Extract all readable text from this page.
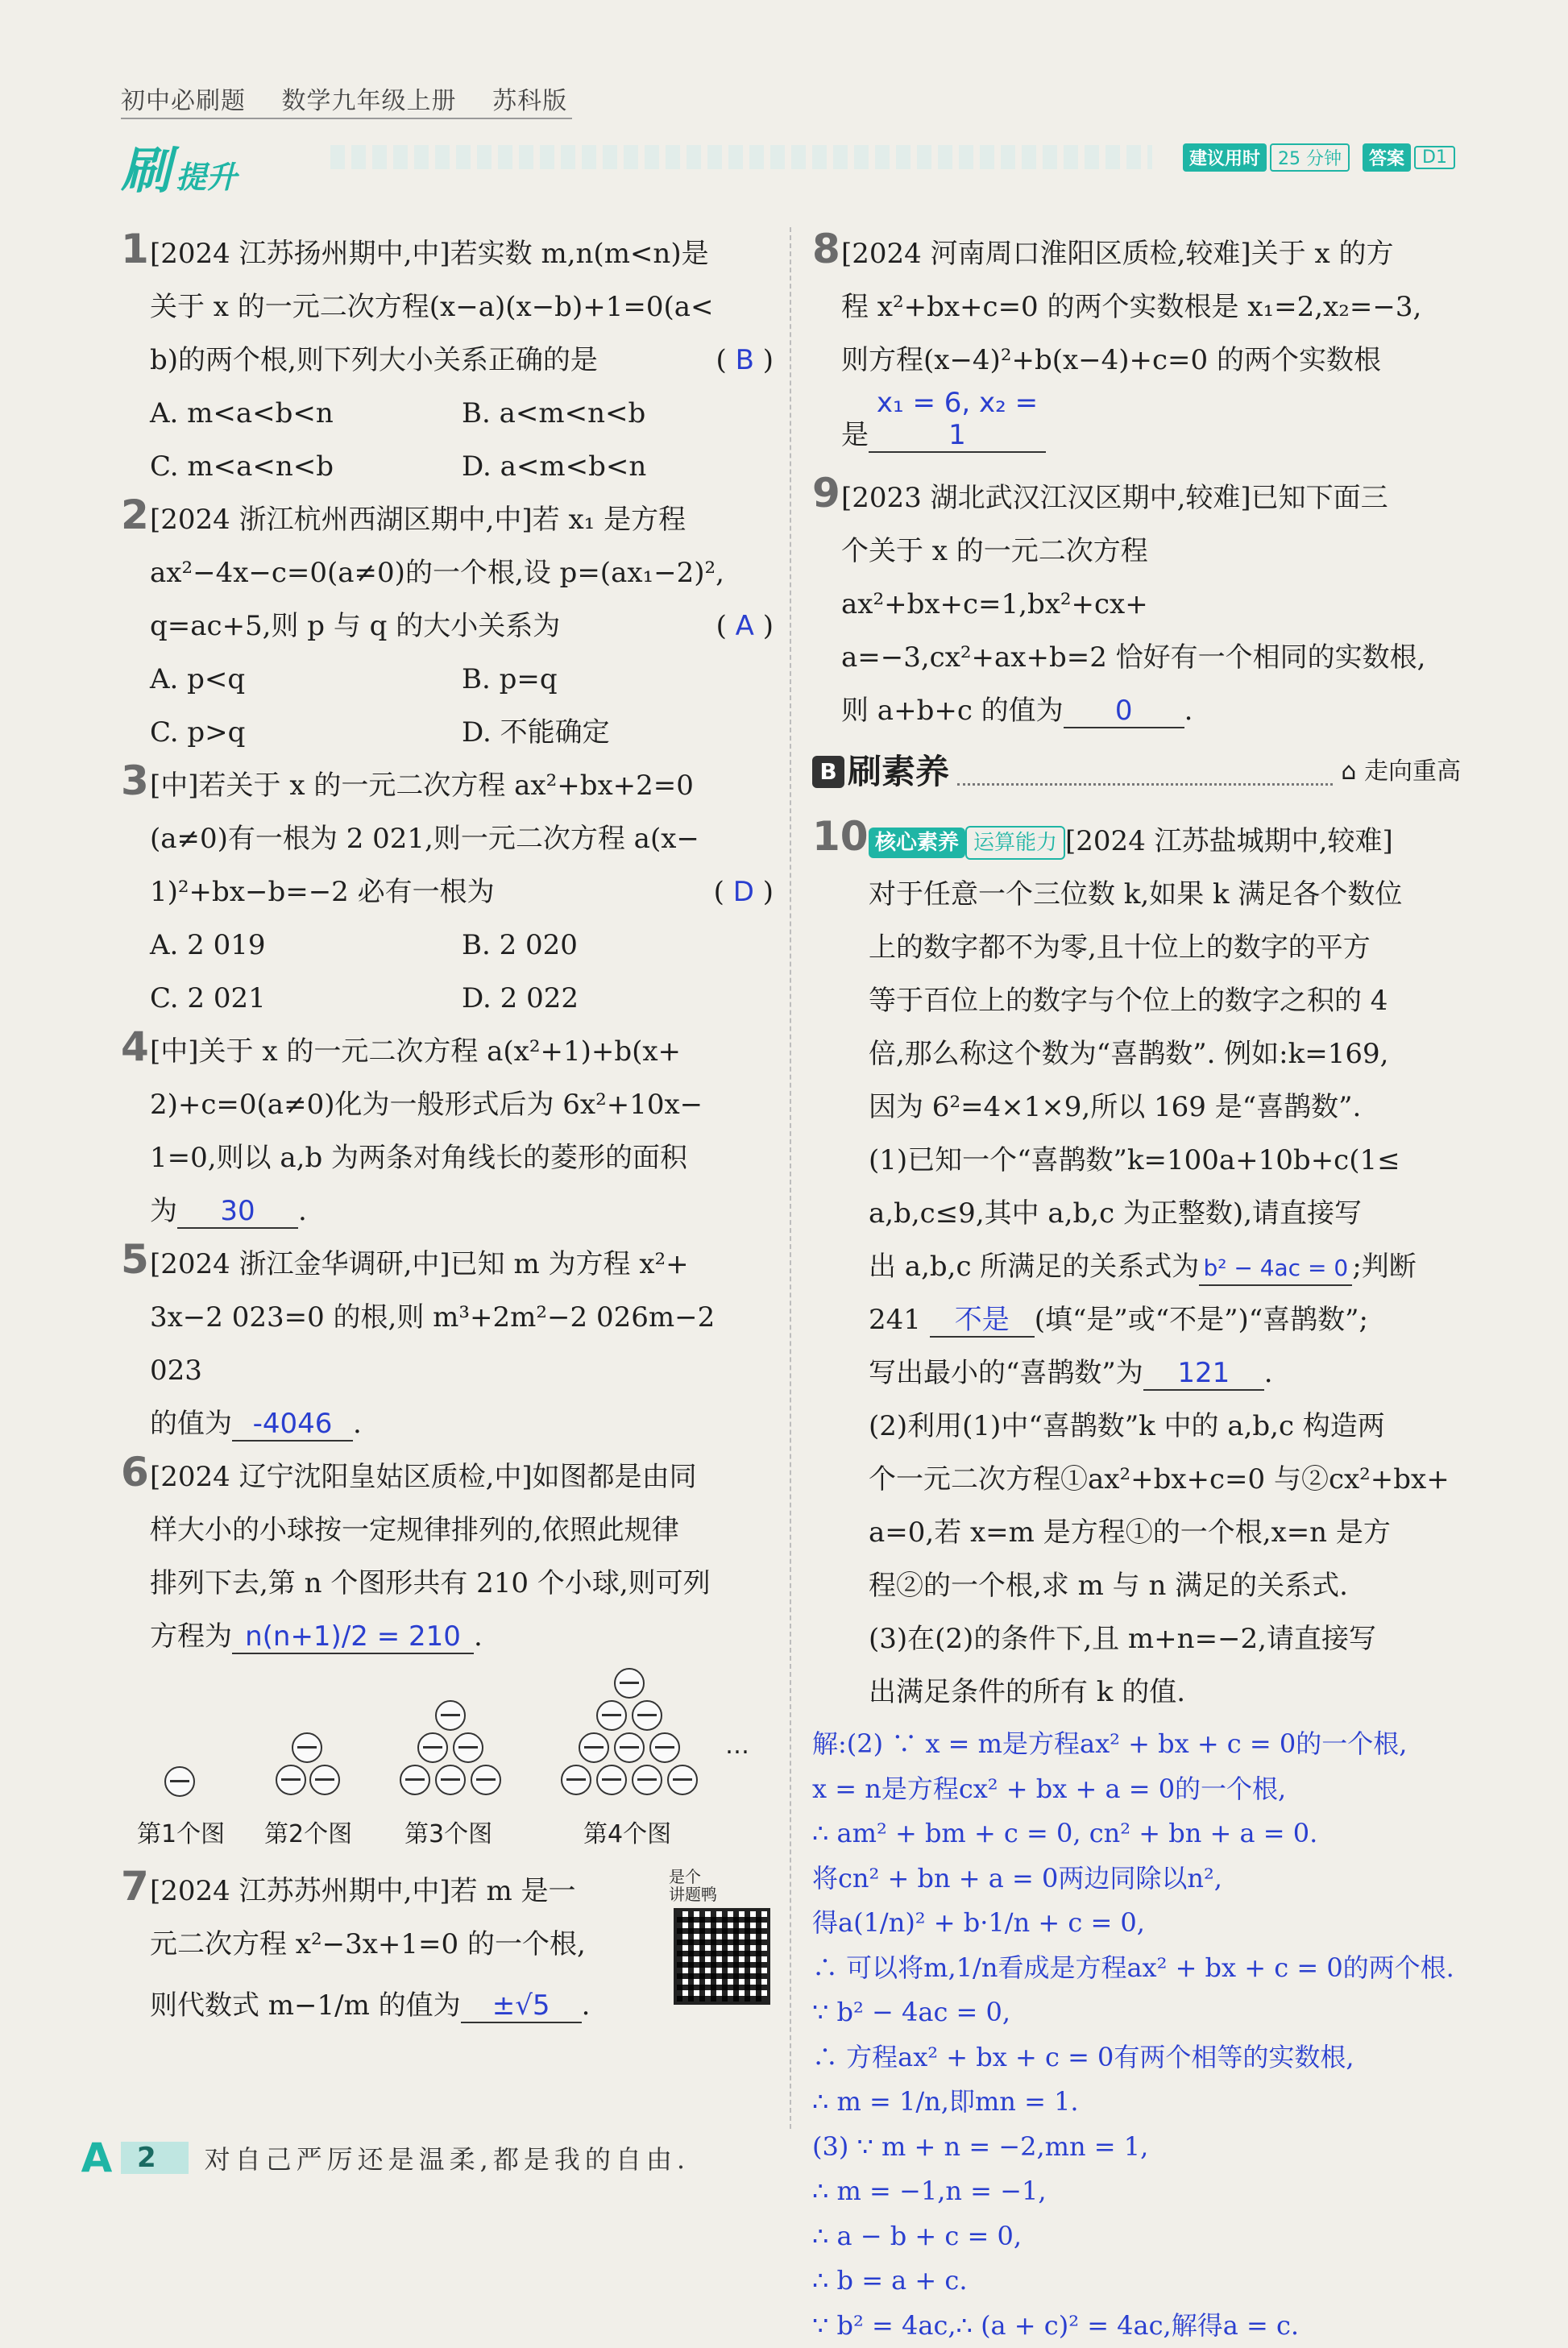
初中必刷题 数学九年级上册 苏科版
刷提升
建议用时	25 分钟	答案	D1
1 [2024 江苏扬州期中,中]若实数 m,n(m<n)是
关于 x 的一元二次方程(x−a)(x−b)+1=0(a<
b)的两个根,则下列大小关系正确的是	( B )
A. m<a<b<n	B. a<m<n<b
C. m<a<n<b	D. a<m<b<n
2 [2024 浙江杭州西湖区期中,中]若 x₁ 是方程
ax²−4x−c=0(a≠0)的一个根,设 p=(ax₁−2)²,
q=ac+5,则 p 与 q 的大小关系为	( A )
A. p<q	B. p=q
C. p>q	D. 不能确定
3 [中]若关于 x 的一元二次方程 ax²+bx+2=0
(a≠0)有一根为 2 021,则一元二次方程 a(x−
1)²+bx−b=−2 必有一根为	( D )
A. 2 019	B. 2 020
C. 2 021	D. 2 022
4 [中]关于 x 的一元二次方程 a(x²+1)+b(x+
2)+c=0(a≠0)化为一般形式后为 6x²+10x−
1=0,则以 a,b 为两条对角线长的菱形的面积
为 30 .
5 [2024 浙江金华调研,中]已知 m 为方程 x²+
3x−2 023=0 的根,则 m³+2m²−2 026m−2 023
的值为 -4046 .
6 [2024 辽宁沈阳皇姑区质检,中]如图都是由同
样大小的小球按一定规律排列的,依照此规律
排列下去,第 n 个图形共有 210 个小球,则可列
方程为 n(n+1)/2 = 210 .
…
第1个图 第2个图 第3个图	第4个图
7 [2024 江苏苏州期中,中]若 m 是一
元二次方程 x²−3x+1=0 的一个根,
则代数式 m−1/m 的值为 ±√5 .
是个
讲题鸭
8 [2024 河南周口淮阳区质检,较难]关于 x 的方
程 x²+bx+c=0 的两个实数根是 x₁=2,x₂=−3,
则方程(x−4)²+b(x−4)+c=0 的两个实数根
是x₁ = 6, x₂ = 1
9 [2023 湖北武汉江汉区期中,较难]已知下面三
个关于 x 的一元二次方程 ax²+bx+c=1,bx²+cx+
a=−3,cx²+ax+b=2 恰好有一个相同的实数根,
则 a+b+c 的值为 0 .
B 刷素养	⌂ 走向重高
10 核心素养 运算能力 [2024 江苏盐城期中,较难]
对于任意一个三位数 k,如果 k 满足各个数位
上的数字都不为零,且十位上的数字的平方
等于百位上的数字与个位上的数字之积的 4
倍,那么称这个数为“喜鹊数”. 例如:k=169,
因为 6²=4×1×9,所以 169 是“喜鹊数”.
(1)已知一个“喜鹊数”k=100a+10b+c(1≤
a,b,c≤9,其中 a,b,c 为正整数),请直接写
出 a,b,c 所满足的关系式为 b² − 4ac = 0 ;判断
241 不是 (填“是”或“不是”)“喜鹊数”;
写出最小的“喜鹊数”为 121 .
(2)利用(1)中“喜鹊数”k 中的 a,b,c 构造两
个一元二次方程①ax²+bx+c=0 与②cx²+bx+
a=0,若 x=m 是方程①的一个根,x=n 是方
程②的一个根,求 m 与 n 满足的关系式.
(3)在(2)的条件下,且 m+n=−2,请直接写
出满足条件的所有 k 的值.
解:(2) ∵ x = m是方程ax² + bx + c = 0的一个根,
x = n是方程cx² + bx + a = 0的一个根,
∴ am² + bm + c = 0, cn² + bn + a = 0.
将cn² + bn + a = 0两边同除以n²,
得a(1/n)² + b·1/n + c = 0,
∴ 可以将m,1/n看成是方程ax² + bx + c = 0的两个根.
∵ b² − 4ac = 0,
∴ 方程ax² + bx + c = 0有两个相等的实数根,
∴ m = 1/n,即mn = 1.
(3) ∵ m + n = −2,mn = 1,
∴ m = −1,n = −1,
∴ a − b + c = 0,
∴ b = a + c.
∵ b² = 4ac,∴ (a + c)² = 4ac,解得a = c.
A 2	对自己严厉还是温柔,都是我的自由.
